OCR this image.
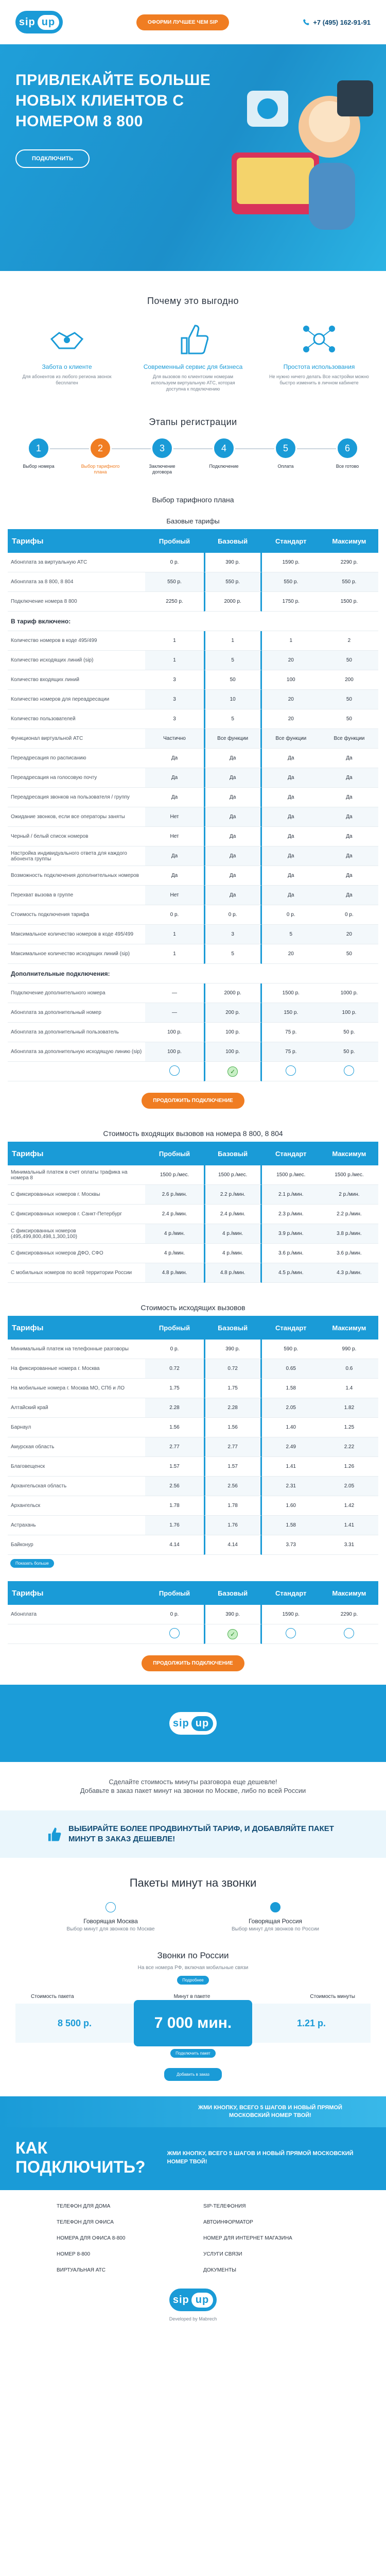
sip up	ОФОРМИ ЛУЧШЕЕ ЧЕМ SIP	+7 (495) 162-91-91
ПРИВЛЕКАЙТЕ БОЛЬШЕ НОВЫХ КЛИЕНТОВ С НОМЕРОМ 8 800
ПОДКЛЮЧИТЬ
Почему это выгодно
Забота о клиенте

Для абонентов из любого региона звонок бесплатен

Современный сервис для бизнеса

Для вызовов по клиентским номерам используем виртуальную АТС, которая доступна к подключению

Простота использования

Не нужно ничего делать Все настройки можно быстро изменить в личном кабинете

Этапы регистрации
1

Выбор номера

2

Выбор тарифного плана

3

Заключение договора

4

Подключение

5

Оплата

6

Все готово

Выбор тарифного плана
Базовые тарифы
Тарифы	Пробный	Базовый	Стандарт	Максимум
Абонплата за виртуальную АТС	0 р.	390 р.	1590 р.	2290 р.
Абонплата за 8 800, 8 804	550 р.	550 р.	550 р.	550 р.
Подключение номера 8 800	2250 р.	2000 р.	1750 р.	1500 р.
В тариф включено:				
Количество номеров в коде 495/499	1	1	1	2
Количество исходящих линий (sip)	1	5	20	50
Количество входящих линий	3	50	100	200
Количество номеров для переадресации	3	10	20	50
Количество пользователей	3	5	20	50
Функционал виртуальной АТС	Частично	Все функции	Все функции	Все функции
Переадресация по расписанию	Да	Да	Да	Да
Переадресация на голосовую почту	Да	Да	Да	Да
Переадресация звонков на пользователя / группу	Да	Да	Да	Да
Ожидание звонков, если все операторы заняты	Нет	Да	Да	Да
Черный / белый список номеров	Нет	Да	Да	Да
Настройка индивидуального ответа для каждого абонента группы	Да	Да	Да	Да
Возможность подключения дополнительных номеров	Да	Да	Да	Да
Перехват вызова в группе	Нет	Да	Да	Да
Стоимость подключения тарифа	0 р.	0 р.	0 р.	0 р.
Максимальное количество номеров в коде 495/499	1	3	5	20
Максимальное количество исходящих линий (sip)	1	5	20	50
Дополнительные подключения:				
Подключение дополнительного номера	—	2000 р.	1500 р.	1000 р.
Абонплата за дополнительный номер	—	200 р.	150 р.	100 р.
Абонплата за дополнительный пользователь	100 р.	100 р.	75 р.	50 р.
Абонплата за дополнительную исходящую линию (sip)	100 р.	100 р.	75 р.	50 р.
		✓		
ПРОДОЛЖИТЬ ПОДКЛЮЧЕНИЕ
Стоимость входящих вызовов на номера 8 800, 8 804
Тарифы	Пробный	Базовый	Стандарт	Максимум
Минимальный платеж в счет оплаты трафика на номера 8	1500 р./мес.	1500 р./мес.	1500 р./мес.	1500 р./мес.
С фиксированных номеров г. Москвы	2.6 р./мин.	2.2 р./мин.	2.1 р./мин.	2 р./мин.
С фиксированных номеров г. Санкт-Петербург	2.4 р./мин.	2.4 р./мин.	2.3 р./мин.	2.2 р./мин.
С фиксированных номеров (495,499,800,498,1,300,100)	4 р./мин.	4 р./мин.	3.9 р./мин.	3.8 р./мин.
С фиксированных номеров ДФО, СФО	4 р./мин.	4 р./мин.	3.6 р./мин.	3.6 р./мин.
С мобильных номеров по всей территории России	4.8 р./мин.	4.8 р./мин.	4.5 р./мин.	4.3 р./мин.
Стоимость исходящих вызовов
Тарифы	Пробный	Базовый	Стандарт	Максимум
Минимальный платеж на телефонные разговоры	0 р.	390 р.	590 р.	990 р.
На фиксированные номера г. Москва	0.72	0.72	0.65	0.6
На мобильные номера г. Москва МО, СПб и ЛО	1.75	1.75	1.58	1.4
Алтайский край	2.28	2.28	2.05	1.82
Барнаул	1.56	1.56	1.40	1.25
Амурская область	2.77	2.77	2.49	2.22
Благовещенск	1.57	1.57	1.41	1.26
Архангельская область	2.56	2.56	2.31	2.05
Архангельск	1.78	1.78	1.60	1.42
Астрахань	1.76	1.76	1.58	1.41
Байконур	4.14	4.14	3.73	3.31
Показать больше
Тарифы	Пробный	Базовый	Стандарт	Максимум
Абонплата	0 р.	390 р.	1590 р.	2290 р.
		✓		
ПРОДОЛЖИТЬ ПОДКЛЮЧЕНИЕ
sip up

Сделайте стоимость минуты разговора еще дешевле!

Добавьте в заказ пакет минут на звонки по Москве, либо по всей России

ВЫБИРАЙТЕ БОЛЕЕ ПРОДВИНУТЫЙ ТАРИФ, И ДОБАВЛЯЙТЕ ПАКЕТ МИНУТ В ЗАКАЗ ДЕШЕВЛЕ!
Пакеты минут на звонки
Говорящая Москва
Выбор минут для звонков по Москве
Говорящая Россия
Выбор минут для звонков по России
Звонки по России
На все номера РФ, включая мобильные связи
Подробнее
Стоимость пакета	Минут в пакете	Стоимость минуты
8 500 р.	7 000 мин.	1.21 р.
Подключить пакет
Добавить в заказ
ЖМИ КНОПКУ, ВСЕГО 5 ШАГОВ И НОВЫЙ ПРЯМОЙ МОСКОВСКИЙ НОМЕР ТВОЙ!
КАК ПОДКЛЮЧИТЬ?

ЖМИ КНОПКУ, ВСЕГО 5 ШАГОВ И НОВЫЙ ПРЯМОЙ МОСКОВСКИЙ НОМЕР ТВОЙ!

ТЕЛЕФОН ДЛЯ ДОМА	SIP-ТЕЛЕФОНИЯ
ТЕЛЕФОН ДЛЯ ОФИСА	АВТОИНФОРМАТОР
НОМЕРА ДЛЯ ОФИСА 8-800	НОМЕР ДЛЯ ИНТЕРНЕТ МАГАЗИНА
НОМЕР 8-800	УСЛУГИ СВЯЗИ
ВИРТУАЛЬНАЯ АТС	ДОКУМЕНТЫ
sip up

Developed by Mabrech
